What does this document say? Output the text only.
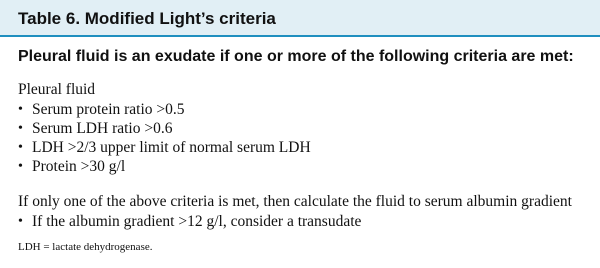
Table 6. Modified Light’s criteria

Pleural fluid is an exudate if one or more of the following criteria are met:

Pleural fluid

• Serum protein ratio >0.5
• Serum LDH ratio >0.6
• LDH >2/3 upper limit of normal serum LDH
• Protein >30 g/l

If only one of the above criteria is met, then calculate the fluid to serum albumin gradient

• If the albumin gradient >12 g/l, consider a transudate

LDH = lactate dehydrogenase.
